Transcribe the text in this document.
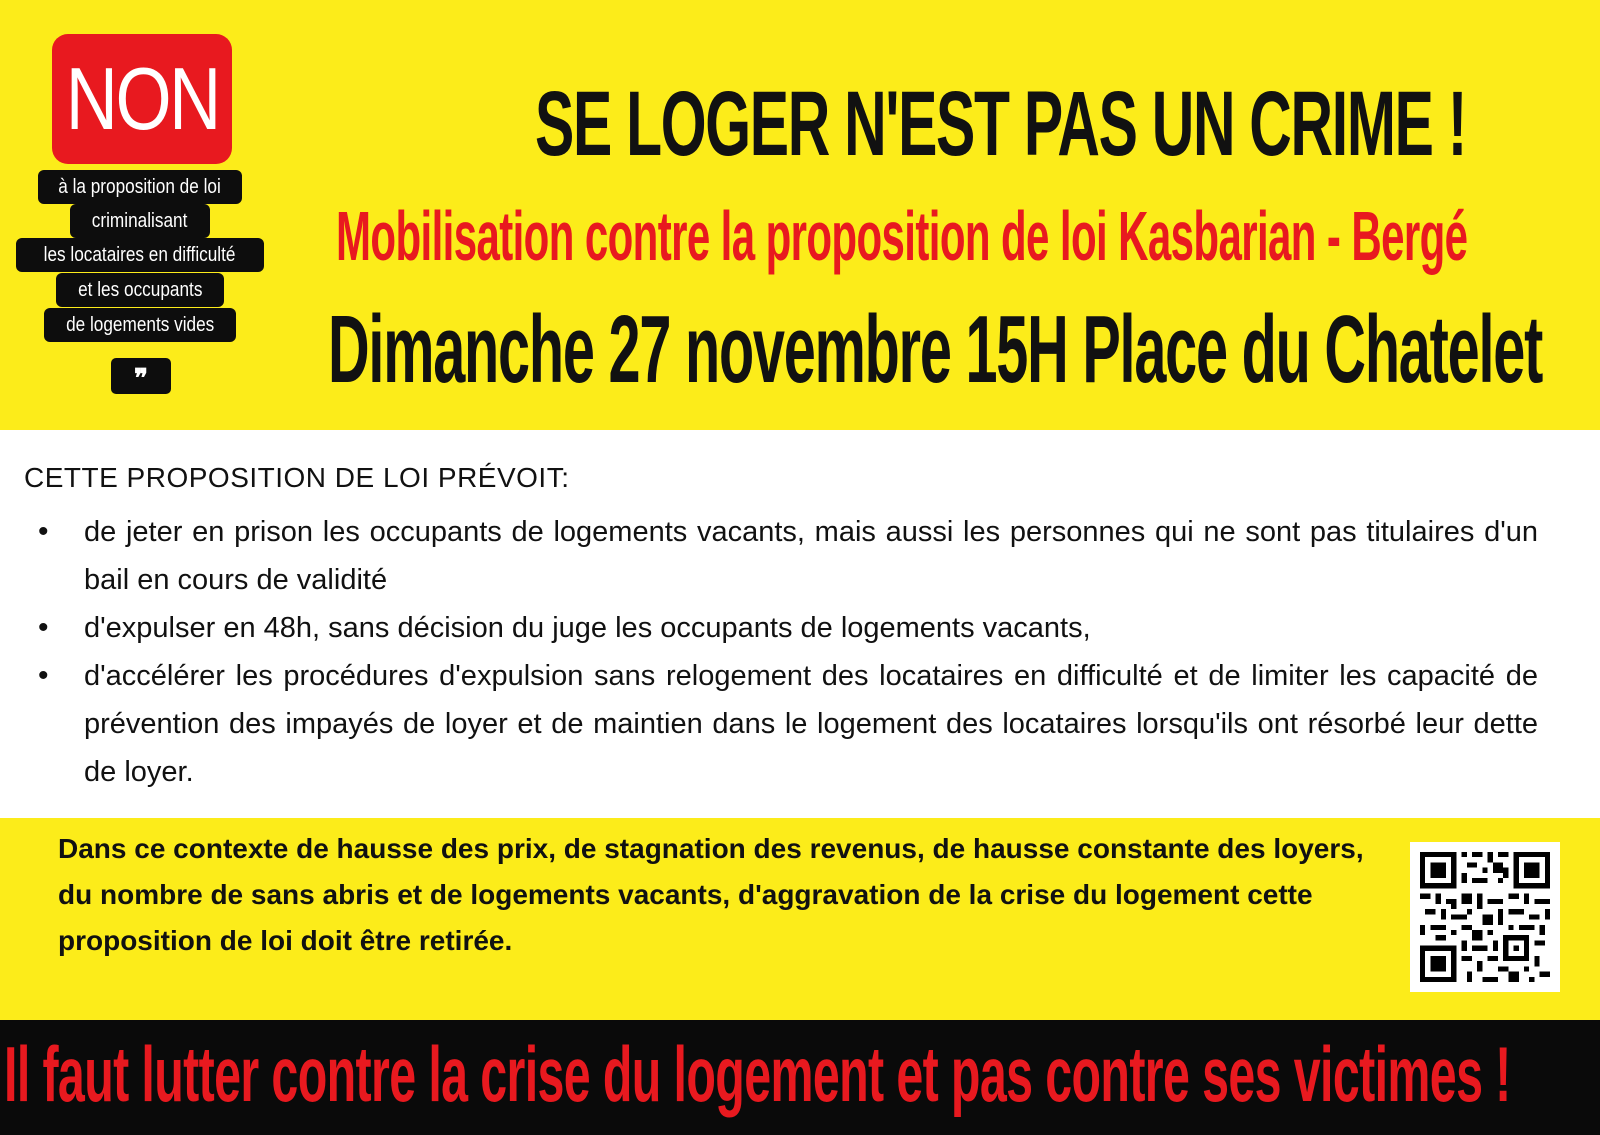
NON
à la proposition de loi
criminalisant
les locataires en difficulté
et les occupants
de logements vides
❞
SE LOGER N'EST PAS UN CRIME !
Mobilisation contre la proposition de loi Kasbarian - Bergé
Dimanche 27 novembre 15H Place du Chatelet
CETTE PROPOSITION DE LOI PRÉVOIT:
• de jeter en prison les occupants de logements vacants, mais aussi les personnes qui ne sont pas titulaires d'un bail en cours de validité
• d'expulser en 48h, sans décision du juge les occupants de logements vacants,
• d'accélérer les procédures d'expulsion sans relogement des locataires en difficulté et de limiter les capacité de prévention des impayés de loyer et de maintien dans le logement des locataires lorsqu'ils ont résorbé leur dette de loyer.
Dans ce contexte de hausse des prix, de stagnation des revenus, de hausse constante des loyers, du nombre de sans abris et de logements vacants, d'aggravation de la crise du logement cette proposition de loi doit être retirée.
Il faut lutter contre la crise du logement et pas contre ses victimes !
